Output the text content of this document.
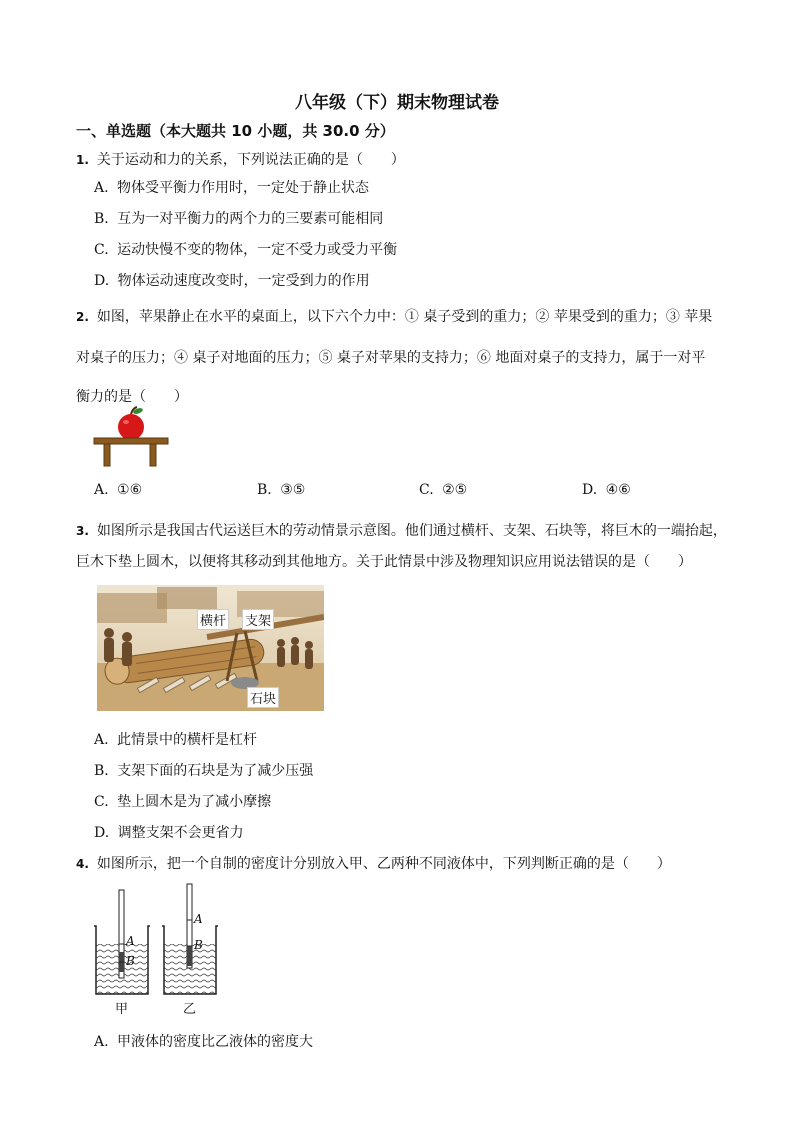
八年级（下）期末物理试卷
一、单选题（本大题共 10 小题，共 30.0 分）
1. 关于运动和力的关系，下列说法正确的是（　　）
A. 物体受平衡力作用时，一定处于静止状态
B. 互为一对平衡力的两个力的三要素可能相同
C. 运动快慢不变的物体，一定不受力或受力平衡
D. 物体运动速度改变时，一定受到力的作用
2. 如图，苹果静止在水平的桌面上，以下六个力中：① 桌子受到的重力；② 苹果受到的重力；③ 苹果
对桌子的压力；④ 桌子对地面的压力；⑤ 桌子对苹果的支持力；⑥ 地面对桌子的支持力，属于一对平
衡力的是（　　）
A. ①⑥	B. ③⑤	C. ②⑤	D. ④⑥
3. 如图所示是我国古代运送巨木的劳动情景示意图。他们通过横杆、支架、石块等，将巨木的一端抬起，
巨木下垫上圆木，以便将其移动到其他地方。关于此情景中涉及物理知识应用说法错误的是（　　）
横杆 支架
石块
A. 此情景中的横杆是杠杆
B. 支架下面的石块是为了减少压强
C. 垫上圆木是为了减小摩擦
D. 调整支架不会更省力
4. 如图所示，把一个自制的密度计分别放入甲、乙两种不同液体中，下列判断正确的是（　　）
A
B
A
B
甲	乙
A. 甲液体的密度比乙液体的密度大
